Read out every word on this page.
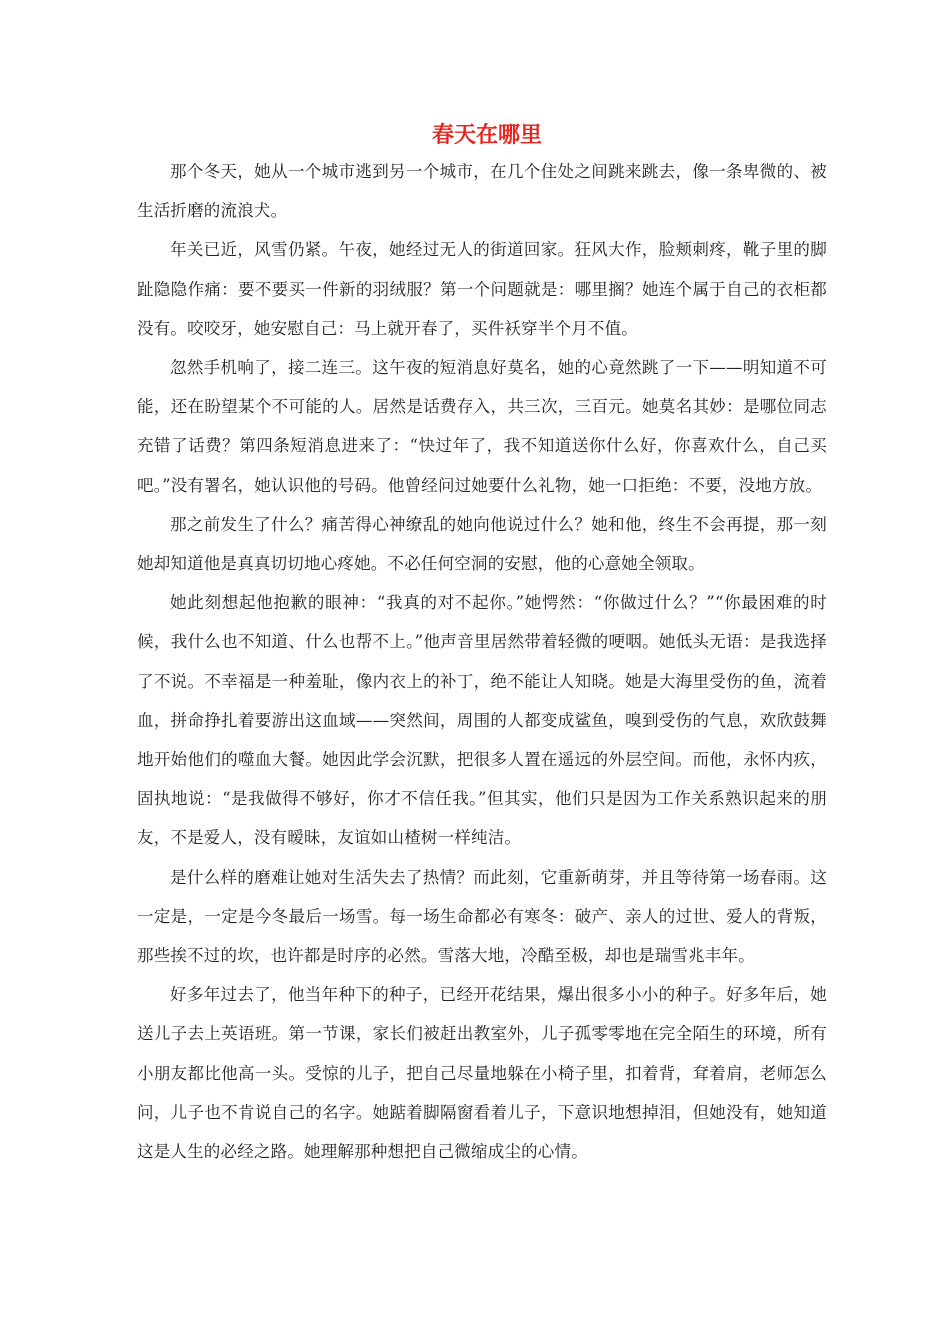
春天在哪里

那个冬天，她从一个城市逃到另一个城市，在几个住处之间跳来跳去，像一条卑微的、被生活折磨的流浪犬。

年关已近，风雪仍紧。午夜，她经过无人的街道回家。狂风大作，脸颊刺疼，靴子里的脚趾隐隐作痛：要不要买一件新的羽绒服？第一个问题就是：哪里搁？她连个属于自己的衣柜都没有。咬咬牙，她安慰自己：马上就开春了，买件袄穿半个月不值。

忽然手机响了，接二连三。这午夜的短消息好莫名，她的心竟然跳了一下——明知道不可能，还在盼望某个不可能的人。居然是话费存入，共三次，三百元。她莫名其妙：是哪位同志充错了话费？第四条短消息进来了：“快过年了，我不知道送你什么好，你喜欢什么，自己买吧。”没有署名，她认识他的号码。他曾经问过她要什么礼物，她一口拒绝：不要，没地方放。

那之前发生了什么？痛苦得心神缭乱的她向他说过什么？她和他，终生不会再提，那一刻她却知道他是真真切切地心疼她。不必任何空洞的安慰，他的心意她全领取。

她此刻想起他抱歉的眼神：“我真的对不起你。”她愕然：“你做过什么？”“你最困难的时候，我什么也不知道、什么也帮不上。”他声音里居然带着轻微的哽咽。她低头无语：是我选择了不说。不幸福是一种羞耻，像内衣上的补丁，绝不能让人知晓。她是大海里受伤的鱼，流着血，拼命挣扎着要游出这血域——突然间，周围的人都变成鲨鱼，嗅到受伤的气息，欢欣鼓舞地开始他们的噬血大餐。她因此学会沉默，把很多人置在遥远的外层空间。而他，永怀内疚，固执地说：“是我做得不够好，你才不信任我。”但其实，他们只是因为工作关系熟识起来的朋友，不是爱人，没有暧昧，友谊如山楂树一样纯洁。

是什么样的磨难让她对生活失去了热情？而此刻，它重新萌芽，并且等待第一场春雨。这一定是，一定是今冬最后一场雪。每一场生命都必有寒冬：破产、亲人的过世、爱人的背叛，那些挨不过的坎，也许都是时序的必然。雪落大地，冷酷至极，却也是瑞雪兆丰年。

好多年过去了，他当年种下的种子，已经开花结果，爆出很多小小的种子。好多年后，她送儿子去上英语班。第一节课，家长们被赶出教室外，儿子孤零零地在完全陌生的环境，所有小朋友都比他高一头。受惊的儿子，把自己尽量地躲在小椅子里，扣着背，耷着肩，老师怎么问，儿子也不肯说自己的名字。她踮着脚隔窗看着儿子，下意识地想掉泪，但她没有，她知道这是人生的必经之路。她理解那种想把自己微缩成尘的心情。
